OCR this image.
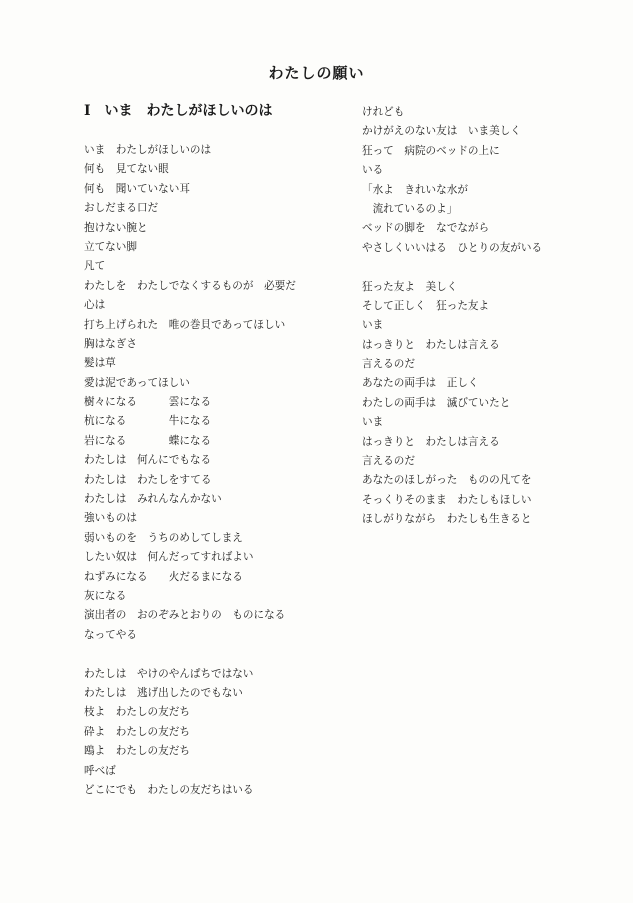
わたしの願い
Ⅰ　いま　わたしがほしいのは
いま　わたしがほしいのは
何も　見てない眼
何も　聞いていない耳
おしだまる口だ
抱けない腕と
立てない脚
凡て
わたしを　わたしでなくするものが　必要だ
心は
打ち上げられた　唯の巻貝であってほしい
胸はなぎさ
髪は草
愛は泥であってほしい
樹々になる　　　雲になる
杭になる　　　　牛になる
岩になる　　　　蝶になる
わたしは　何んにでもなる
わたしは　わたしをすてる
わたしは　みれんなんかない
強いものは
弱いものを　うちのめしてしまえ
したい奴は　何んだってすればよい
ねずみになる　　火だるまになる
灰になる
演出者の　おのぞみとおりの　ものになる
なってやる
わたしは　やけのやんぱちではない
わたしは　逃げ出したのでもない
枝よ　わたしの友だち
砕よ　わたしの友だち
鴎よ　わたしの友だち
呼べば
どこにでも　わたしの友だちはいる
けれども
かけがえのない友は　いま美しく
狂って　病院のベッドの上に
いる
「水よ　きれいな水が
　流れているのよ」
ベッドの脚を　なでながら
やさしくいいはる　ひとりの友がいる
狂った友よ　美しく
そして正しく　狂った友よ
いま
はっきりと　わたしは言える
言えるのだ
あなたの両手は　正しく
わたしの両手は　滅びていたと
いま
はっきりと　わたしは言える
言えるのだ
あなたのほしがった　ものの凡てを
そっくりそのまま　わたしもほしい
ほしがりながら　わたしも生きると
